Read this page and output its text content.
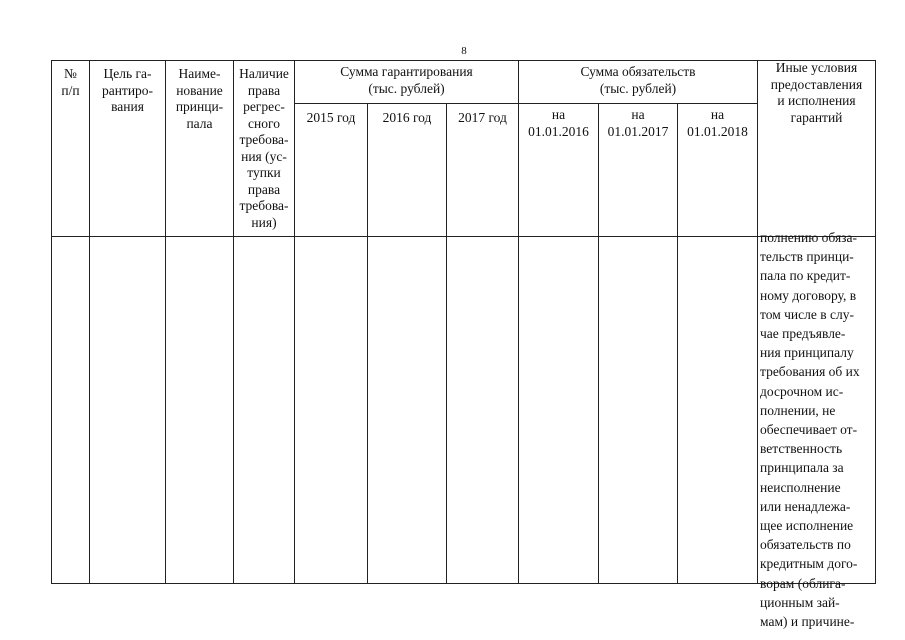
8
№
п/п
Цель га-
рантиро-
вания
Наиме-
нование
принци-
пала
Наличие
права
регрес-
сного
требова-
ния (ус-
тупки
права
требова-
ния)
Сумма гарантирования
(тыс. рублей)
2015 год	2016 год	2017 год
Сумма обязательств
(тыс. рублей)
на
01.01.2016
на
01.01.2017
на
01.01.2018
Иные условия
предоставления
и исполнения
гарантий
полнению обяза-
тельств принци-
пала по кредит-
ному договору, в
том числе в слу-
чае предъявле-
ния принципалу
требования об их
досрочном ис-
полнении, не
обеспечивает от-
ветственность
принципала за
неисполнение
или ненадлежа-
щее исполнение
обязательств по
кредитным дого-
ворам (облига-
ционным зай-
мам) и причине-
